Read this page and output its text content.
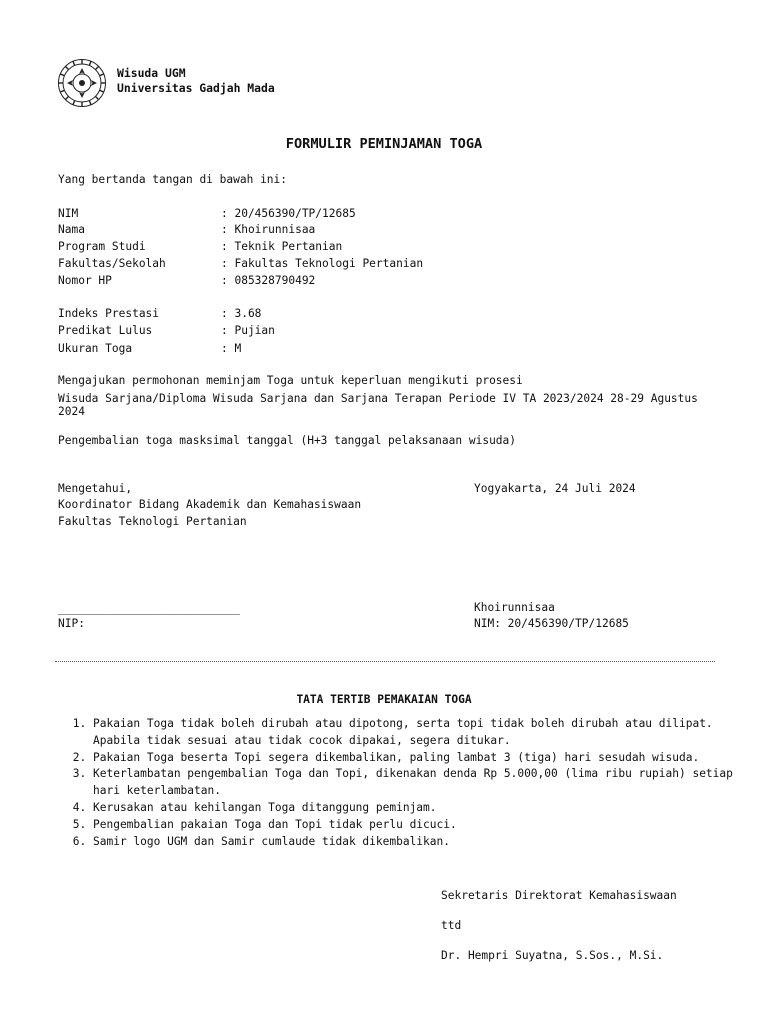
Wisuda UGM
Universitas Gadjah Mada
FORMULIR PEMINJAMAN TOGA
Yang bertanda tangan di bawah ini:
NIM	: 20/456390/TP/12685
Nama	: Khoirunnisaa
Program Studi	: Teknik Pertanian
Fakultas/Sekolah	: Fakultas Teknologi Pertanian
Nomor HP	: 085328790492
Indeks Prestasi	: 3.68
Predikat Lulus	: Pujian
Ukuran Toga	: M
Mengajukan permohonan meminjam Toga untuk keperluan mengikuti prosesi
Wisuda Sarjana/Diploma Wisuda Sarjana dan Sarjana Terapan Periode IV TA 2023/2024 28-29 Agustus 2024
Pengembalian toga masksimal tanggal (H+3 tanggal pelaksanaan wisuda)
Mengetahui,
Koordinator Bidang Akademik dan Kemahasiswaan
Fakultas Teknologi Pertanian
___________________________
NIP:
Yogyakarta, 24 Juli 2024
Khoirunnisaa
NIM: 20/456390/TP/12685
TATA TERTIB PEMAKAIAN TOGA
1. Pakaian Toga tidak boleh dirubah atau dipotong, serta topi tidak boleh dirubah atau dilipat. Apabila tidak sesuai atau tidak cocok dipakai, segera ditukar.
2. Pakaian Toga beserta Topi segera dikembalikan, paling lambat 3 (tiga) hari sesudah wisuda.
3. Keterlambatan pengembalian Toga dan Topi, dikenakan denda Rp 5.000,00 (lima ribu rupiah) setiap hari keterlambatan.
4. Kerusakan atau kehilangan Toga ditanggung peminjam.
5. Pengembalian pakaian Toga dan Topi tidak perlu dicuci.
6. Samir logo UGM dan Samir cumlaude tidak dikembalikan.
Sekretaris Direktorat Kemahasiswaan
ttd
Dr. Hempri Suyatna, S.Sos., M.Si.
